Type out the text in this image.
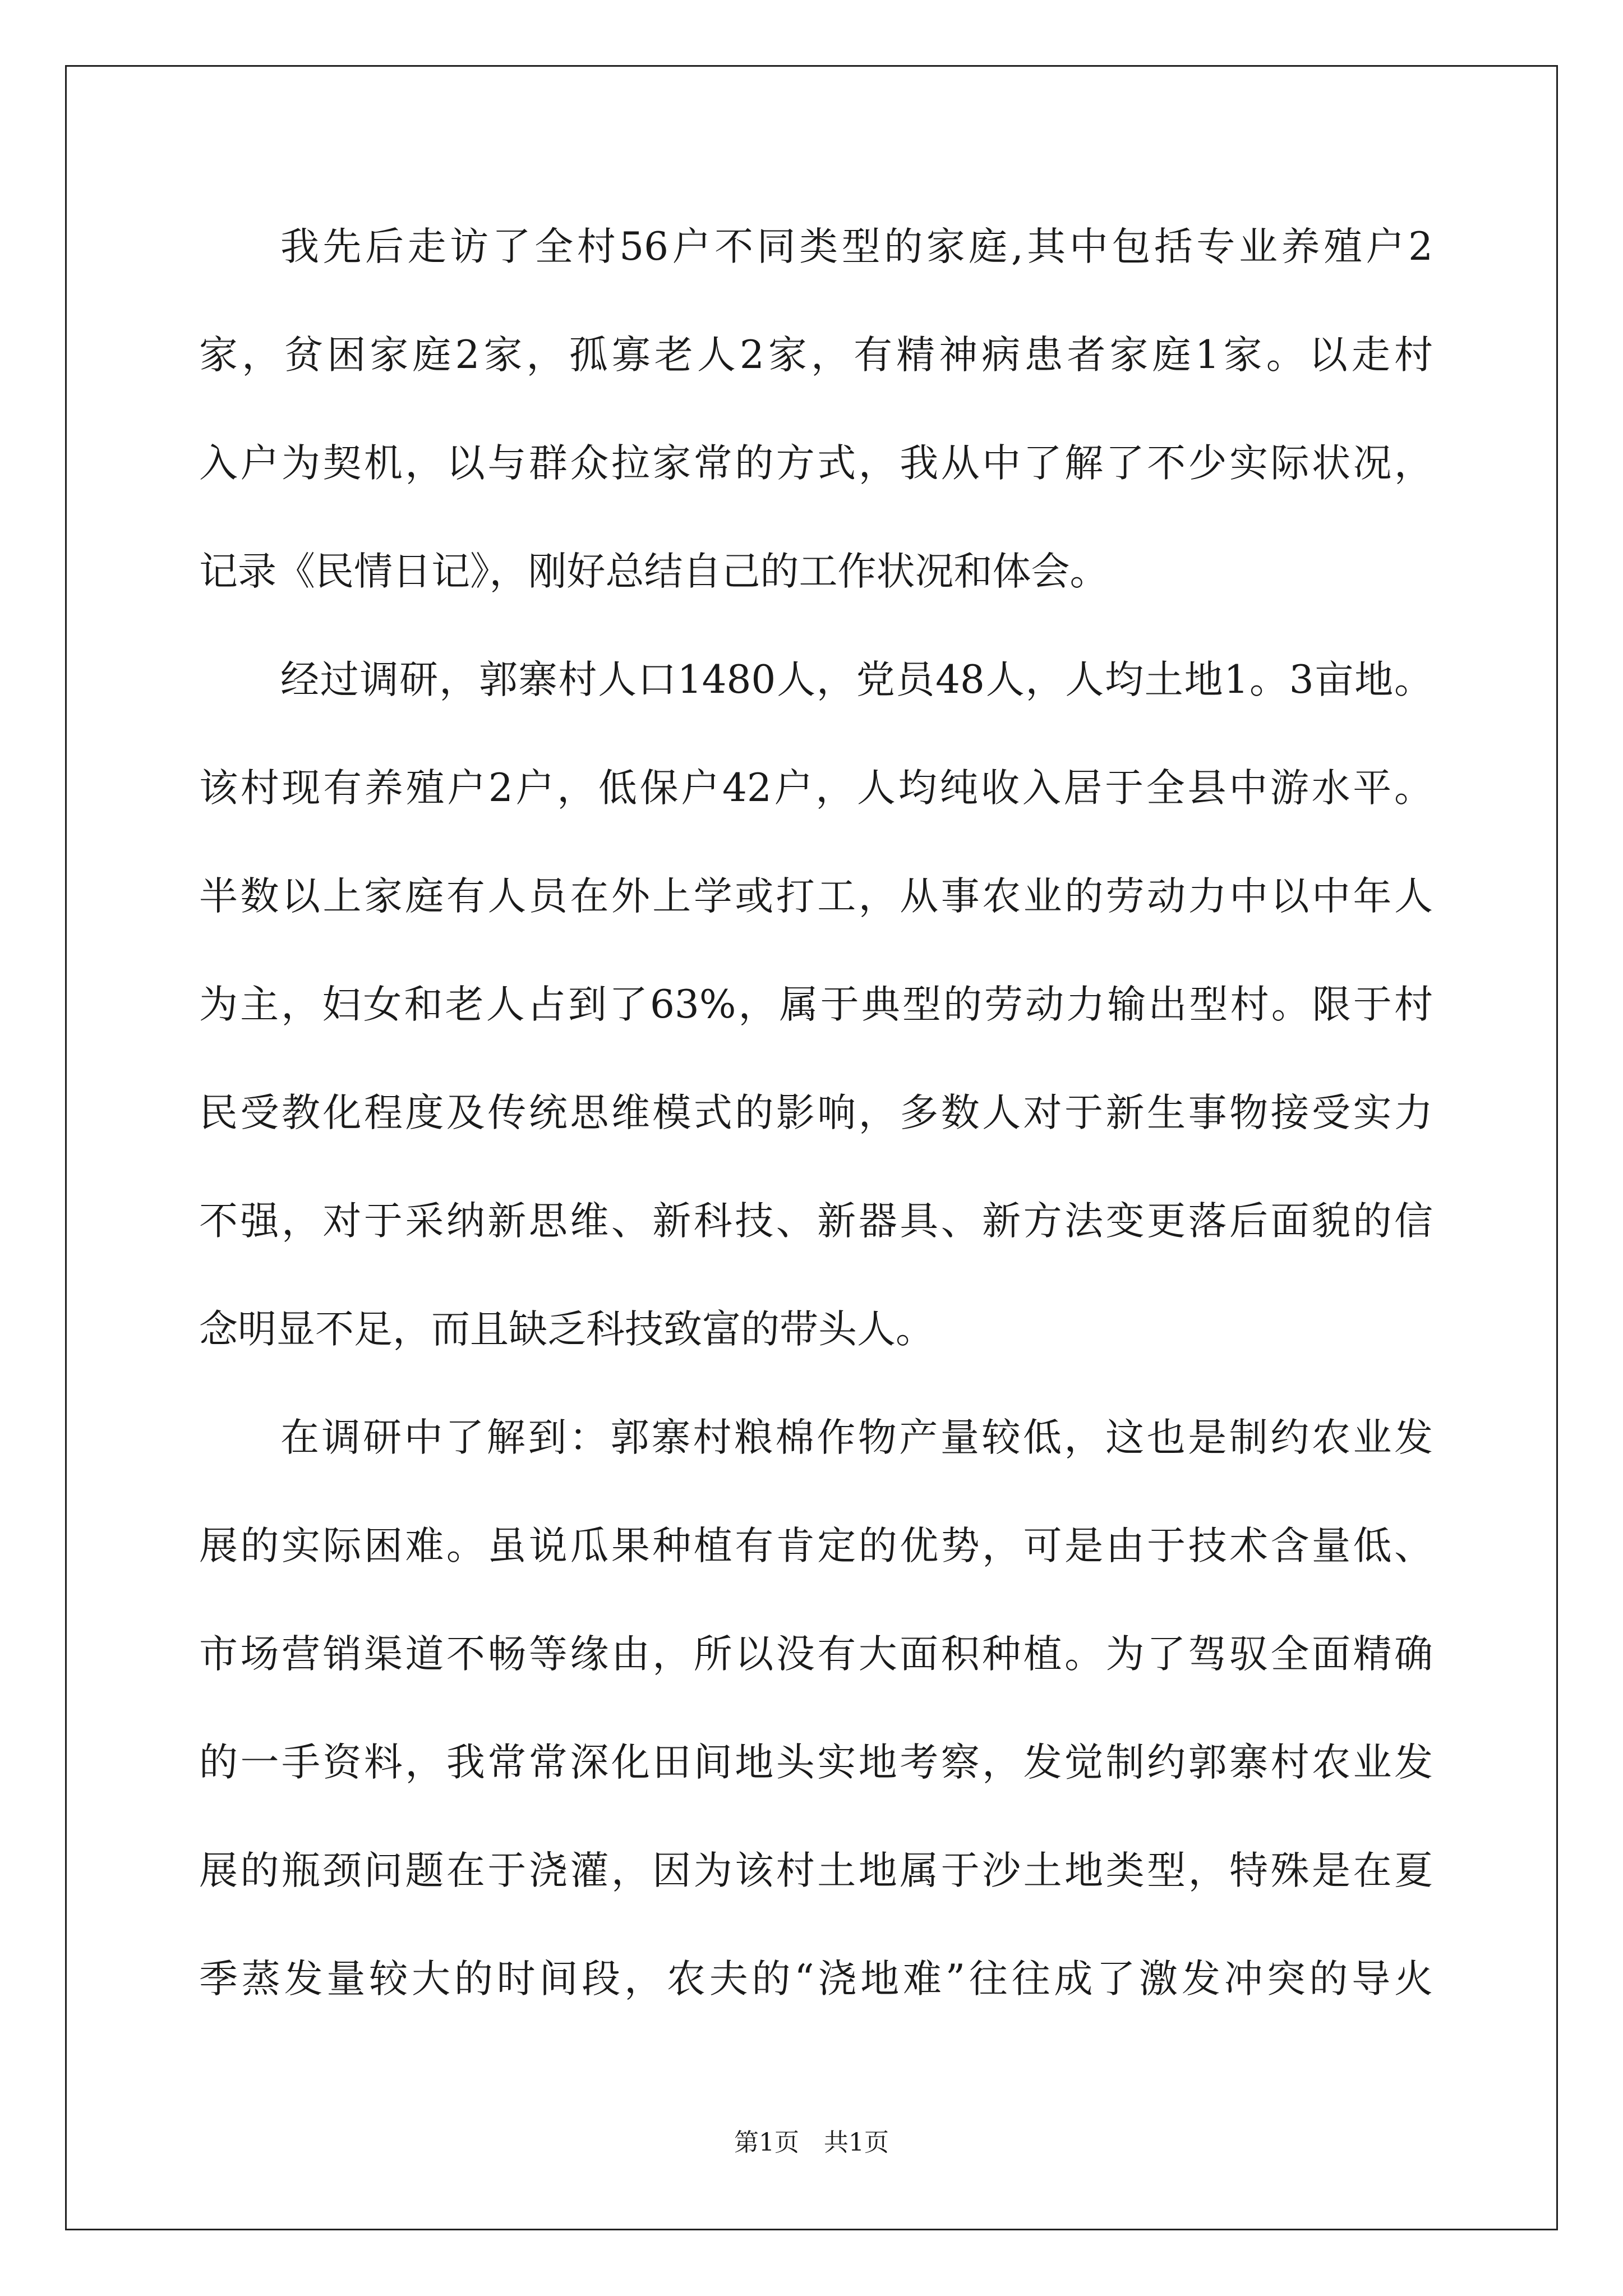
我先后走访了全村56户不同类型的家庭,其中包括专业养殖户2
家，贫困家庭2家，孤寡老人2家，有精神病患者家庭1家。以走村
入户为契机，以与群众拉家常的方式，我从中了解了不少实际状况，
记录《民情日记》，刚好总结自己的工作状况和体会。
经过调研，郭寨村人口1480人，党员48人，人均土地1。3亩地。
该村现有养殖户2户，低保户42户，人均纯收入居于全县中游水平。
半数以上家庭有人员在外上学或打工，从事农业的劳动力中以中年人
为主，妇女和老人占到了63%，属于典型的劳动力输出型村。限于村
民受教化程度及传统思维模式的影响，多数人对于新生事物接受实力
不强，对于采纳新思维、新科技、新器具、新方法变更落后面貌的信
念明显不足，而且缺乏科技致富的带头人。
在调研中了解到：郭寨村粮棉作物产量较低，这也是制约农业发
展的实际困难。虽说瓜果种植有肯定的优势，可是由于技术含量低、
市场营销渠道不畅等缘由，所以没有大面积种植。为了驾驭全面精确
的一手资料，我常常深化田间地头实地考察，发觉制约郭寨村农业发
展的瓶颈问题在于浇灌，因为该村土地属于沙土地类型，特殊是在夏
季蒸发量较大的时间段，农夫的“浇地难”往往成了激发冲突的导火
第1页　共1页
